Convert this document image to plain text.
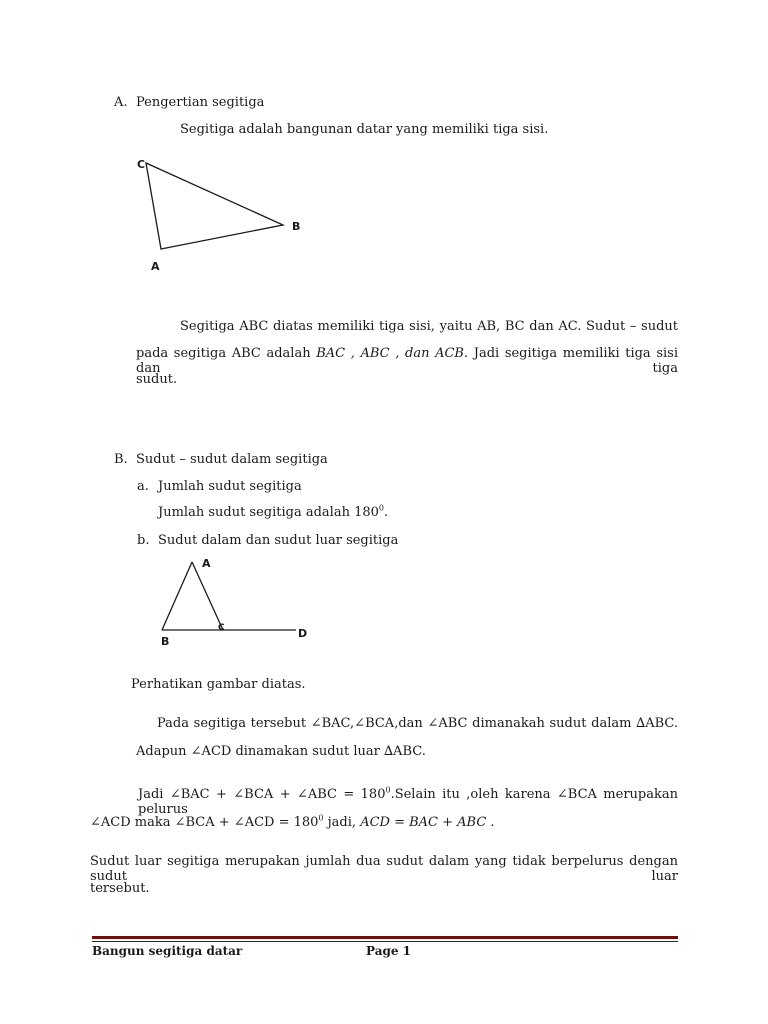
A. Pengertian segitiga
Segitiga adalah bangunan datar yang memiliki tiga sisi.
C
B
A
Segitiga ABC diatas memiliki tiga sisi, yaitu AB, BC dan AC. Sudut – sudut
pada segitiga ABC adalah BAC , ABC , dan ACB. Jadi segitiga memiliki tiga sisi dan tiga
sudut.
B. Sudut – sudut dalam segitiga
a. Jumlah sudut segitiga
Jumlah sudut segitiga adalah $180^0$.
b. Sudut dalam dan sudut luar segitiga
A
B
C	D
Perhatikan gambar diatas.
Pada segitiga tersebut ∠BAC,∠BCA,dan ∠ABC dimanakah sudut dalam ∆ABC.
Adapun ∠ACD dinamakan sudut luar ∆ABC.
Jadi ∠BAC + ∠BCA + ∠ABC = $180^0.Selain$ itu ,oleh karena ∠BCA merupakan pelurus
∠ACD maka ∠BCA + ∠ACD = $180^0$ jadi, ACD = BAC + ABC .
Sudut luar segitiga merupakan jumlah dua sudut dalam yang tidak berpelurus dengan sudut luar
tersebut.
Bangun segitiga datar	Page 1
